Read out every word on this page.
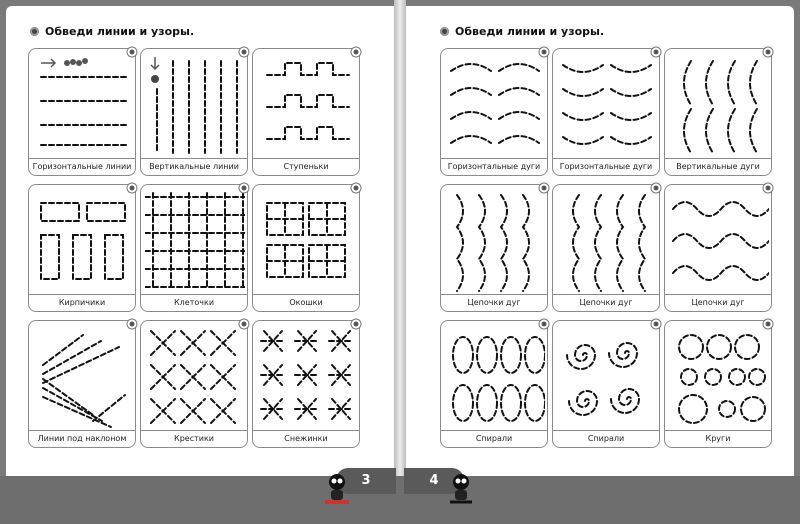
Обведи линии и узоры.	Обведи линии и узоры.
Горизонтальные линии	Вертикальные линии	Ступеньки
Кирпичики	Клеточки	Окошки
Линии под наклоном	Крестики	Снежинки
Горизонтальные дуги	Горизонтальные дуги	Вертикальные дуги
Цепочки дуг	Цепочки дуг	Цепочки дуг
Спирали	Спирали	Круги
3	4
